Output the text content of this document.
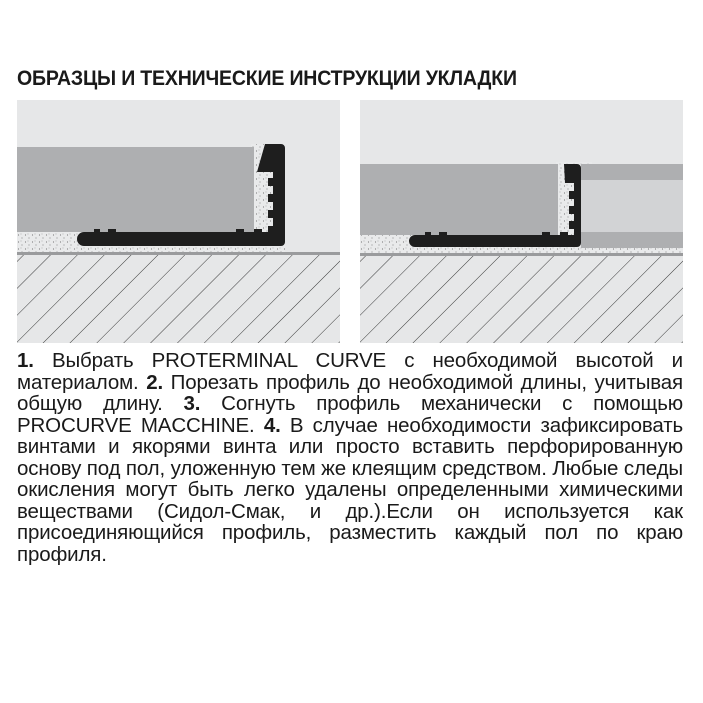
ОБРАЗЦЫ И ТЕХНИЧЕСКИЕ ИНСТРУКЦИИ УКЛАДКИ
1. Выбрать PROTERMINAL CURVE с необходимой высотой и материалом. 2. Порезать профиль до необходимой длины, учитывая общую длину. 3. Согнуть профиль механически с помощью PROCURVE MACCHINE. 4. В случае необходимости зафиксировать винтами и якорями винта или просто вставить перфорированную основу под пол, уложенную тем же клеящим средством. Любые следы окисления могут быть легко удалены определенными химическими веществами (Сидол-Смак, и др.).Если он используется как присоединяющийся профиль, разместить каждый пол по краю профиля.
